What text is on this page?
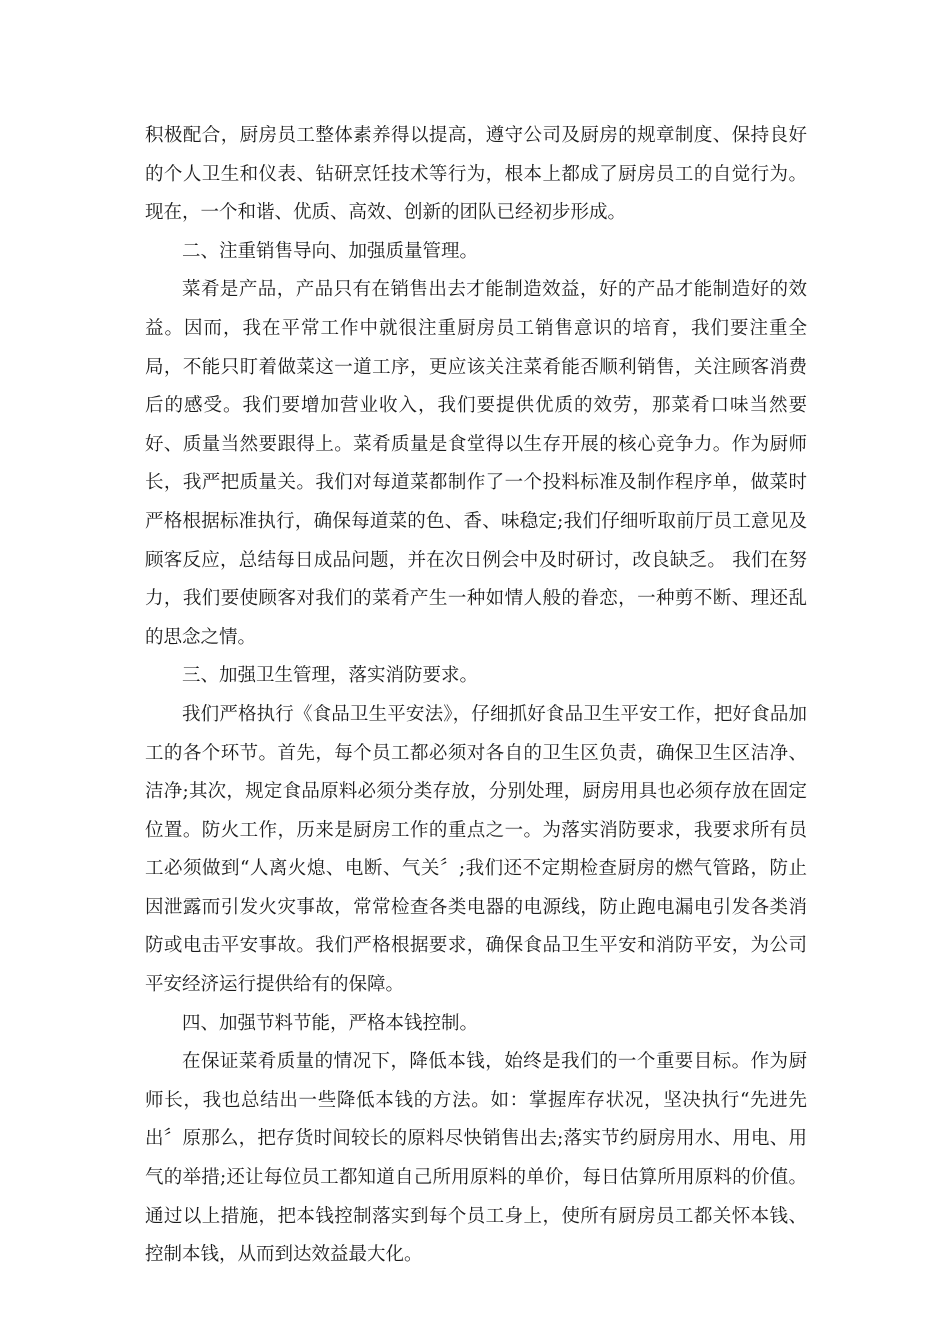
积极配合，厨房员工整体素养得以提高，遵守公司及厨房的规章制度、保持良好的个人卫生和仪表、钻研烹饪技术等行为，根本上都成了厨房员工的自觉行为。现在，一个和谐、优质、高效、创新的团队已经初步形成。

二、注重销售导向、加强质量管理。

菜肴是产品，产品只有在销售出去才能制造效益，好的产品才能制造好的效益。因而，我在平常工作中就很注重厨房员工销售意识的培育，我们要注重全局，不能只盯着做菜这一道工序，更应该关注菜肴能否顺利销售，关注顾客消费后的感受。我们要增加营业收入，我们要提供优质的效劳，那菜肴口味当然要好、质量当然要跟得上。菜肴质量是食堂得以生存开展的核心竞争力。作为厨师长，我严把质量关。我们对每道菜都制作了一个投料标准及制作程序单，做菜时严格根据标准执行，确保每道菜的色、香、味稳定;我们仔细听取前厅员工意见及顾客反应，总结每日成品问题，并在次日例会中及时研讨，改良缺乏。 我们在努力，我们要使顾客对我们的菜肴产生一种如情人般的眷恋，一种剪不断、理还乱的思念之情。

三、加强卫生管理，落实消防要求。

我们严格执行《食品卫生平安法》，仔细抓好食品卫生平安工作，把好食品加工的各个环节。首先，每个员工都必须对各自的卫生区负责，确保卫生区洁净、洁净;其次，规定食品原料必须分类存放，分别处理，厨房用具也必须存放在固定位置。防火工作，历来是厨房工作的重点之一。为落实消防要求，我要求所有员工必须做到“人离火熄、电断、气关〞;我们还不定期检查厨房的燃气管路，防止因泄露而引发火灾事故，常常检查各类电器的电源线，防止跑电漏电引发各类消防或电击平安事故。我们严格根据要求，确保食品卫生平安和消防平安，为公司平安经济运行提供给有的保障。

四、加强节料节能，严格本钱控制。

在保证菜肴质量的情况下，降低本钱，始终是我们的一个重要目标。作为厨师长，我也总结出一些降低本钱的方法。如：掌握库存状况，坚决执行“先进先出〞原那么，把存货时间较长的原料尽快销售出去;落实节约厨房用水、用电、用气的举措;还让每位员工都知道自己所用原料的单价，每日估算所用原料的价值。通过以上措施，把本钱控制落实到每个员工身上，使所有厨房员工都关怀本钱、控制本钱，从而到达效益最大化。
